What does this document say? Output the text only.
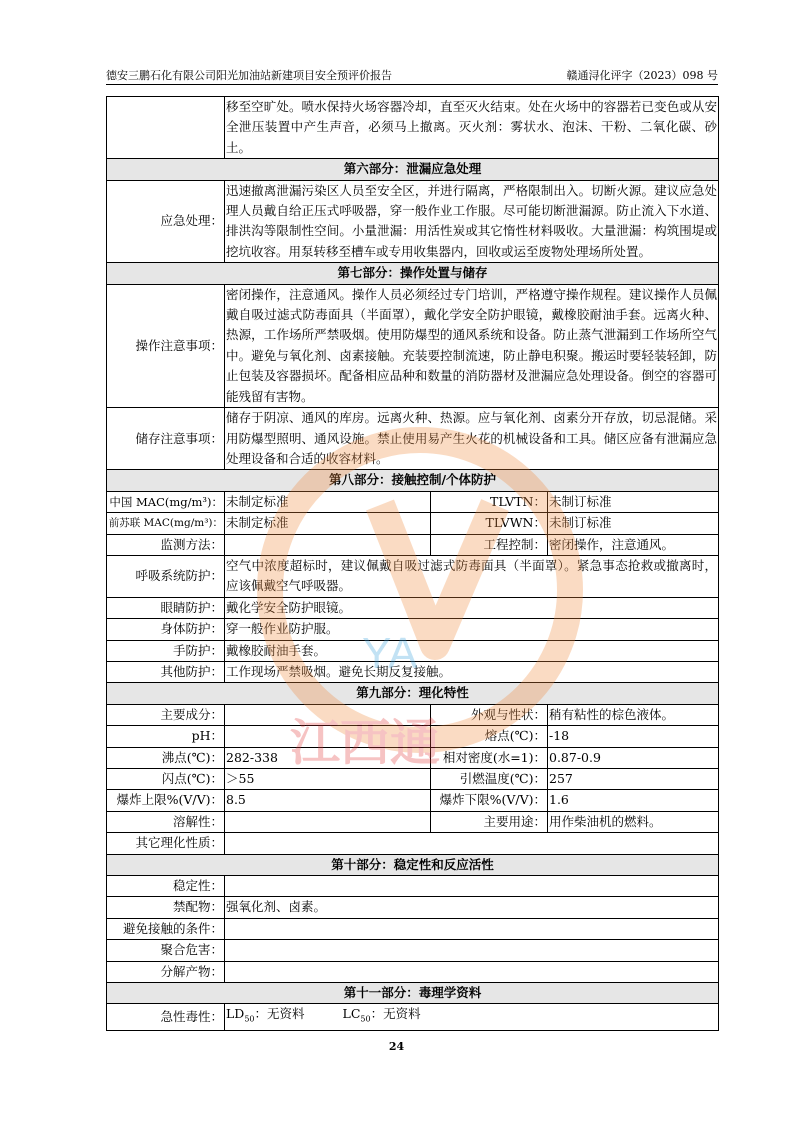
德安三鹏石化有限公司阳光加油站新建项目安全预评价报告	赣通浔化评字（2023）098 号
	移至空旷处。喷水保持火场容器冷却，直至灭火结束。处在火场中的容器若已变色或从安全泄压装置中产生声音，必须马上撤离。灭火剂：雾状水、泡沫、干粉、二氧化碳、砂土。		
第六部分：泄漏应急处理			
应急处理：	迅速撤离泄漏污染区人员至安全区，并进行隔离，严格限制出入。切断火源。建议应急处理人员戴自给正压式呼吸器，穿一般作业工作服。尽可能切断泄漏源。防止流入下水道、排洪沟等限制性空间。小量泄漏：用活性炭或其它惰性材料吸收。大量泄漏：构筑围堤或挖坑收容。用泵转移至槽车或专用收集器内，回收或运至废物处理场所处置。		
第七部分：操作处置与储存			
操作注意事项：	密闭操作，注意通风。操作人员必须经过专门培训，严格遵守操作规程。建议操作人员佩戴自吸过滤式防毒面具（半面罩），戴化学安全防护眼镜，戴橡胶耐油手套。远离火种、热源，工作场所严禁吸烟。使用防爆型的通风系统和设备。防止蒸气泄漏到工作场所空气中。避免与氧化剂、卤素接触。充装要控制流速，防止静电积聚。搬运时要轻装轻卸，防止包装及容器损坏。配备相应品种和数量的消防器材及泄漏应急处理设备。倒空的容器可能残留有害物。		
储存注意事项：	储存于阴凉、通风的库房。远离火种、热源。应与氧化剂、卤素分开存放，切忌混储。采用防爆型照明、通风设施。禁止使用易产生火花的机械设备和工具。储区应备有泄漏应急处理设备和合适的收容材料。		
第八部分：接触控制/个体防护			
中国 MAC(mg/m³)：	未制定标准	TLVTN：	未制订标准
前苏联 MAC(mg/m³)：	未制定标准	TLVWN：	未制订标准
监测方法：		工程控制：	密闭操作，注意通风。
呼吸系统防护：	空气中浓度超标时，建议佩戴自吸过滤式防毒面具（半面罩）。紧急事态抢救或撤离时，应该佩戴空气呼吸器。		
眼睛防护：	戴化学安全防护眼镜。		
身体防护：	穿一般作业防护服。		
手防护：	戴橡胶耐油手套。		
其他防护：	工作现场严禁吸烟。避免长期反复接触。		
第九部分：理化特性			
主要成分：		外观与性状：	稍有粘性的棕色液体。
pH：		熔点(℃)：	-18
沸点(℃)：	282-338	相对密度(水=1)：	0.87-0.9
闪点(℃)：	＞55	引燃温度(℃)：	257
爆炸上限%(V/V)：	8.5	爆炸下限%(V/V)：	1.6
溶解性：		主要用途：	用作柴油机的燃料。
其它理化性质：			
第十部分：稳定性和反应活性			
稳定性：			
禁配物：	强氧化剂、卤素。		
避免接触的条件：			
聚合危害：			
分解产物：			
第十一部分：毒理学资料			
急性毒性：	$LD_{50}$：无资料 $LC_{50}$：无资料		
YA
江西通
24
